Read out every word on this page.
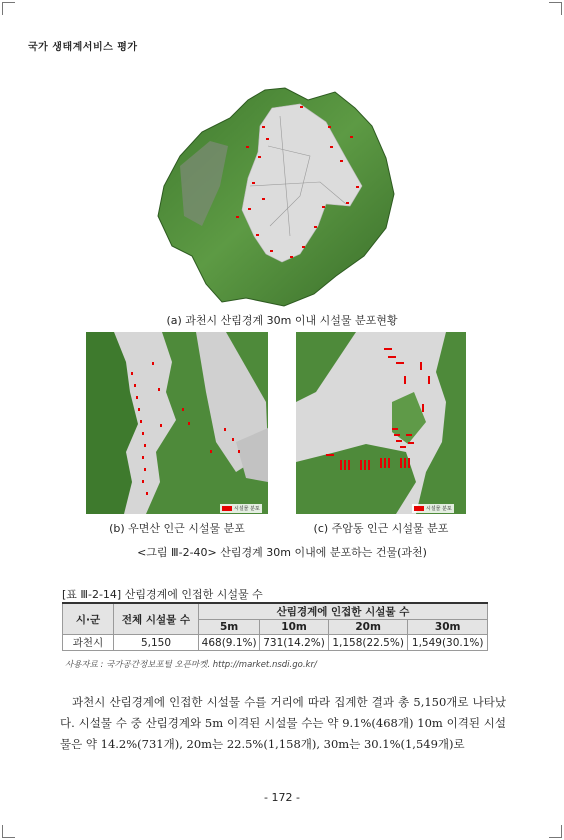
국가 생태계서비스 평가
(a) 과천시 산림경계 30m 이내 시설물 분포현황
시설물 분포
(b) 우면산 인근 시설물 분포
시설물 분포
(c) 주암동 인근 시설물 분포
<그림 Ⅲ-2-40> 산림경계 30m 이내에 분포하는 건물(과천)
[표 Ⅲ-2-14] 산림경계에 인접한 시설물 수
시·군	전체 시설물 수	산림경계에 인접한 시설물 수			
		5m	10m	20m	30m
과천시	5,150	468(9.1%)	731(14.2%)	1,158(22.5%)	1,549(30.1%)
사용자료 : 국가공간정보포털 오픈마켓. http://market.nsdi.go.kr/

과천시 산림경계에 인접한 시설물 수를 거리에 따라 집계한 결과 총 5,150개로 나타났다. 시설물 수 중 산림경계와 5m 이격된 시설물 수는 약 9.1%(468개) 10m 이격된 시설물은 약 14.2%(731개), 20m는 22.5%(1,158개), 30m는 30.1%(1,549개)로

- 172 -
